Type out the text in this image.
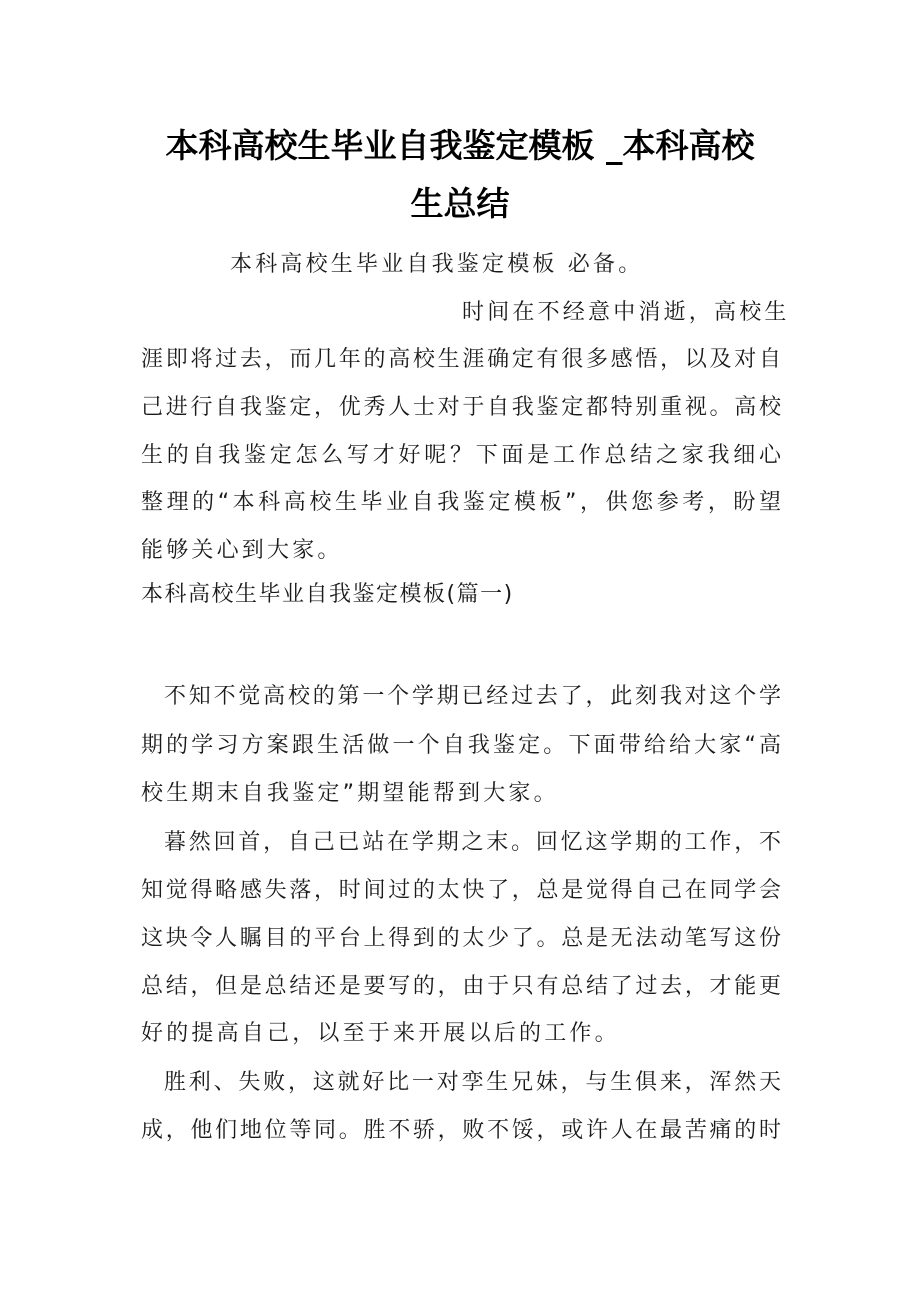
本科高校生毕业自我鉴定模板 _本科高校
生总结
本科高校生毕业自我鉴定模板 必备。
时间在不经意中消逝，高校生
涯即将过去，而几年的高校生涯确定有很多感悟，以及对自
己进行自我鉴定，优秀人士对于自我鉴定都特别重视。高校
生的自我鉴定怎么写才好呢？下面是工作总结之家我细心
整理的“本科高校生毕业自我鉴定模板”，供您参考，盼望
能够关心到大家。
本科高校生毕业自我鉴定模板(篇一)
不知不觉高校的第一个学期已经过去了，此刻我对这个学
期的学习方案跟生活做一个自我鉴定。下面带给给大家“高
校生期末自我鉴定”期望能帮到大家。
暮然回首，自己已站在学期之末。回忆这学期的工作，不
知觉得略感失落，时间过的太快了，总是觉得自己在同学会
这块令人瞩目的平台上得到的太少了。总是无法动笔写这份
总结，但是总结还是要写的，由于只有总结了过去，才能更
好的提高自己，以至于来开展以后的工作。
胜利、失败，这就好比一对孪生兄妹，与生俱来，浑然天
成，他们地位等同。胜不骄，败不馁，或许人在最苦痛的时
